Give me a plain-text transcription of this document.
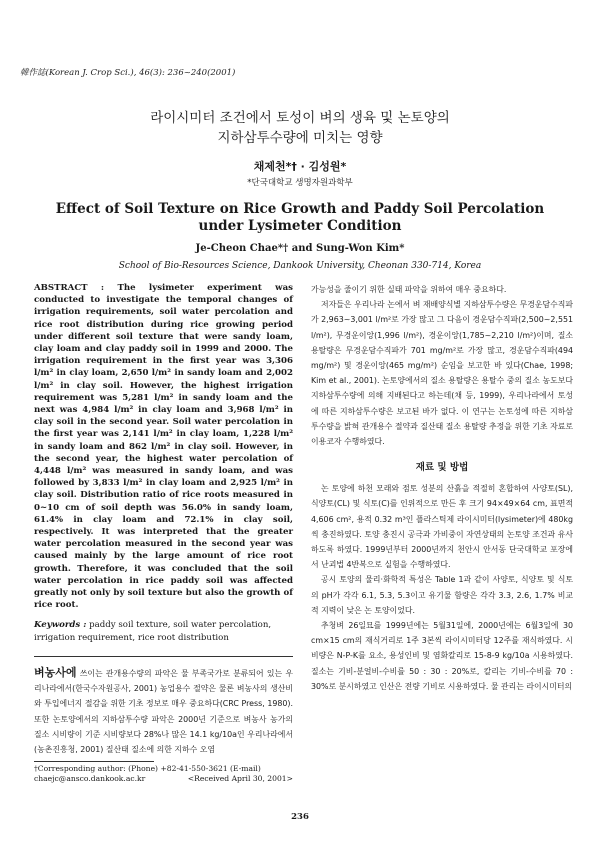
韓作誌(Korean J. Crop Sci.), 46(3): 236~240(2001)
라이시미터 조건에서 토성이 벼의 생육 및 논토양의
지하삼투수량에 미치는 영향
채제천*† · 김성원*
*단국대학교 생명자원과학부
Effect of Soil Texture on Rice Growth and Paddy Soil Percolation
under Lysimeter Condition
Je-Cheon Chae*† and Sung-Won Kim*
School of Bio-Resources Science, Dankook University, Cheonan 330-714, Korea

ABSTRACT : The lysimeter experiment was conducted to investigate the temporal changes of irrigation requirements, soil water percolation and rice root distribution during rice growing period under different soil texture that were sandy loam, clay loam and clay paddy soil in 1999 and 2000. The irrigation requirement in the first year was 3,306 l/m² in clay loam, 2,650 l/m² in sandy loam and 2,002 l/m² in clay soil. However, the highest irrigation requirement was 5,281 l/m² in sandy loam and the next was 4,984 l/m² in clay loam and 3,968 l/m² in clay soil in the second year. Soil water percolation in the first year was 2,141 l/m² in clay loam, 1,228 l/m² in sandy loam and 862 l/m² in clay soil. However, in the second year, the highest water percolation of 4,448 l/m² was measured in sandy loam, and was followed by 3,833 l/m² in clay loam and 2,925 l/m² in clay soil. Distribution ratio of rice roots measured in 0~10 cm of soil depth was 56.0% in sandy loam, 61.4% in clay loam and 72.1% in clay soil, respectively. It was interpreted that the greater water percolation measured in the second year was caused mainly by the large amount of rice root growth. Therefore, it was concluded that the soil water percolation in rice paddy soil was affected greatly not only by soil texture but also the growth of rice root.

Keywords : paddy soil texture, soil water percolation, irrigation requirement, rice root distribution

벼농사에 쓰이는 관개용수량의 파악은 물 부족국가로 분류되어 있는 우리나라에서(한국수자원공사, 2001) 농업용수 절약은 물론 벼농사의 생산비와 투입에너지 절감을 위한 기초 정보로 매우 중요하다(CRC Press, 1980). 또한 논토양에서의 지하삼투수량 파악은 2000년 기준으로 벼농사 농가의 질소 시비량이 기준 시비량보다 28%나 많은 14.1 kg/10a인 우리나라에서(농촌진흥청, 2001) 질산태 질소에 의한 지하수 오염

†Corresponding author: (Phone) +82-41-550-3621 (E-mail) chaejc@ansco.dankook.ac.kr	<Received April 30, 2001>

가능성을 줄이기 위한 실태 파악을 위하여 매우 중요하다.

저자들은 우리나라 논에서 벼 재배양식별 지하삼투수량은 무경운담수직파가 2,963~3,001 l/m²로 가장 많고 그 다음이 경운담수직파(2,500~2,551 l/m²), 무경운이앙(1,996 l/m²), 경운이앙(1,785~2,210 l/m²)이며, 질소용탈량은 무경운담수직파가 701 mg/m²로 가장 많고, 경운담수직파(494 mg/m²) 및 경운이앙(465 mg/m²) 순임을 보고한 바 있다(Chae, 1998; Kim et al., 2001). 논토양에서의 질소 용탈량은 용탈수 중의 질소 농도보다 지하삼투수량에 의해 지배된다고 하는데(채 등, 1999), 우리나라에서 토성에 따른 지하삼투수량은 보고된 바가 없다. 이 연구는 논토성에 따른 지하삼투수량을 밝혀 관개용수 절약과 질산태 질소 용탈량 추정을 위한 기초 자료로 이용코자 수행하였다.

재료 및 방법

논 토양에 하천 모래와 점토 성분의 산흙을 적절히 혼합하여 사양토(SL), 식양토(CL) 및 식토(C)를 인위적으로 만든 후 크기 94×49×64 cm, 표면적 4,606 cm², 용적 0.32 m³인 플라스틱제 라이시미터(lysimeter)에 480kg씩 충진하였다. 토양 충진시 공극과 가비중이 자연상태의 논토양 조건과 유사하도록 하였다. 1999년부터 2000년까지 천안시 안서동 단국대학교 포장에서 난괴법 4반복으로 실험을 수행하였다.

공시 토양의 물리·화학적 특성은 Table 1과 같이 사양토, 식양토 및 식토의 pH가 각각 6.1, 5.3, 5.3이고 유기물 함량은 각각 3.3, 2.6, 1.7% 비교적 지력이 낮은 논 토양이었다.

추청벼 26일묘를 1999년에는 5월31일에, 2000년에는 6월3일에 30 cm×15 cm의 재식거리로 1주 3본씩 라이시미터당 12주를 재식하였다. 시비량은 N-P-K를 요소, 용성인비 및 염화칼리로 15-8-9 kg/10a 시용하였다. 질소는 기비-분얼비-수비를 50 : 30 : 20%로, 칼리는 기비-수비를 70 : 30%로 분시하였고 인산은 전량 기비로 시용하였다. 물 관리는 라이시미터의

236
